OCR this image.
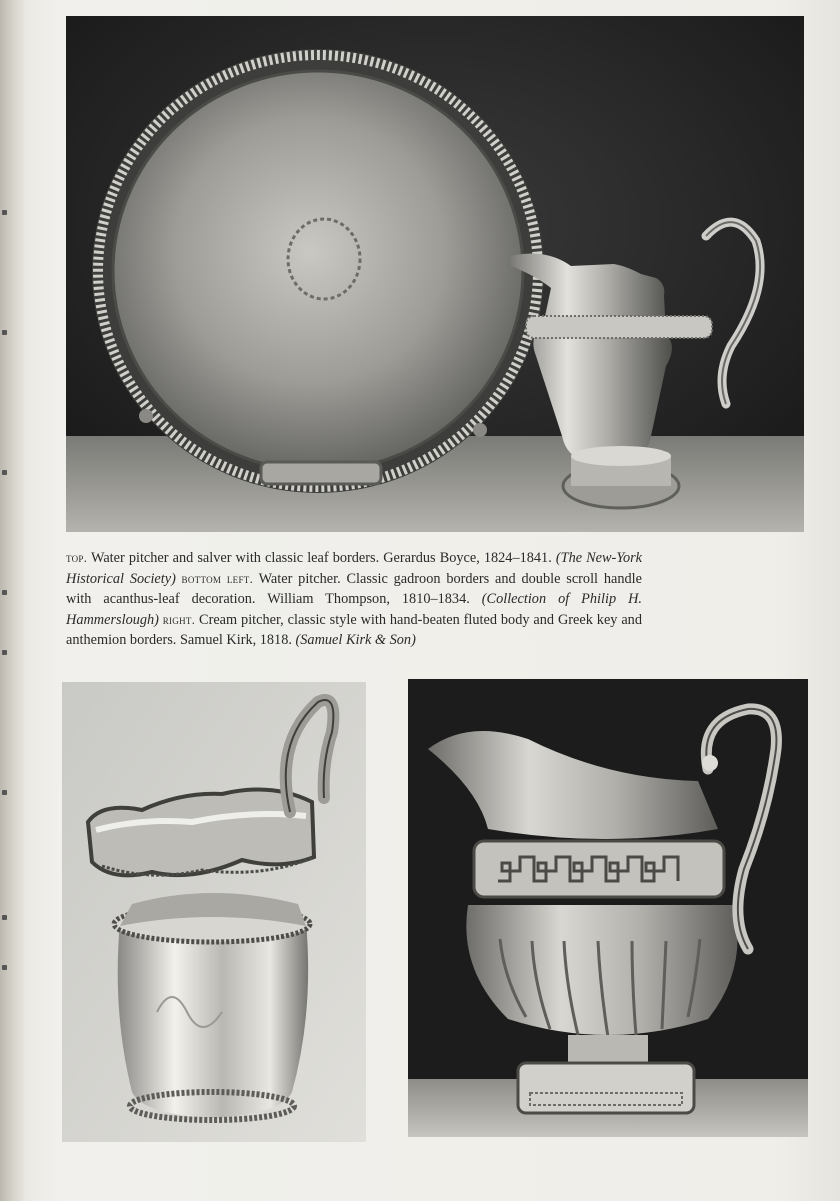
top. Water pitcher and salver with classic leaf borders. Gerardus Boyce, 1824–1841. (The New-York Historical Society) bottom left. Water pitcher. Classic gadroon borders and double scroll handle with acanthus-leaf decoration. William Thompson, 1810–1834. (Collection of Philip H. Hammerslough) right. Cream pitcher, classic style with hand-beaten fluted body and Greek key and anthemion borders. Samuel Kirk, 1818. (Samuel Kirk & Son)
